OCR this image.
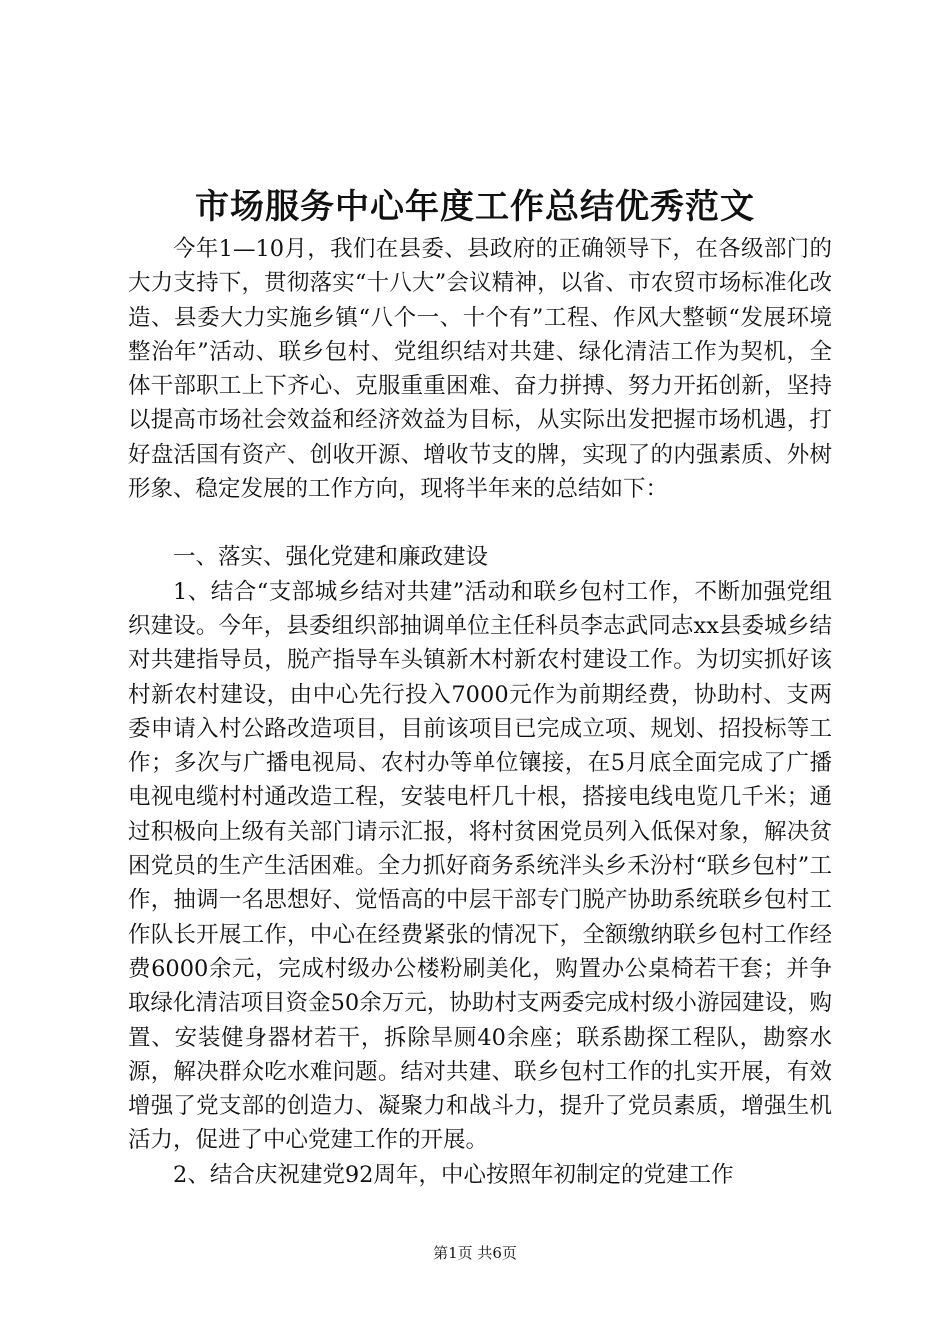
市场服务中心年度工作总结优秀范文

今年1—10月，我们在县委、县政府的正确领导下，在各级部门的大力支持下，贯彻落实“十八大”会议精神，以省、市农贸市场标准化改造、县委大力实施乡镇“八个一、十个有”工程、作风大整顿“发展环境整治年”活动、联乡包村、党组织结对共建、绿化清洁工作为契机，全体干部职工上下齐心、克服重重困难、奋力拼搏、努力开拓创新，坚持以提高市场社会效益和经济效益为目标，从实际出发把握市场机遇，打好盘活国有资产、创收开源、增收节支的牌，实现了的内强素质、外树形象、稳定发展的工作方向，现将半年来的总结如下：

一、落实、强化党建和廉政建设

1、结合“支部城乡结对共建”活动和联乡包村工作，不断加强党组织建设。今年，县委组织部抽调单位主任科员李志武同志xx县委城乡结对共建指导员，脱产指导车头镇新木村新农村建设工作。为切实抓好该村新农村建设，由中心先行投入7000元作为前期经费，协助村、支两委申请入村公路改造项目，目前该项目已完成立项、规划、招投标等工作；多次与广播电视局、农村办等单位镶接，在5月底全面完成了广播电视电缆村村通改造工程，安装电杆几十根，搭接电线电览几千米；通过积极向上级有关部门请示汇报，将村贫困党员列入低保对象，解决贫困党员的生产生活困难。全力抓好商务系统泮头乡禾汾村“联乡包村”工作，抽调一名思想好、觉悟高的中层干部专门脱产协助系统联乡包村工作队长开展工作，中心在经费紧张的情况下，全额缴纳联乡包村工作经费6000余元，完成村级办公楼粉刷美化，购置办公桌椅若干套；并争取绿化清洁项目资金50余万元，协助村支两委完成村级小游园建设，购置、安装健身器材若干，拆除旱厕40余座；联系勘探工程队，勘察水源，解决群众吃水难问题。结对共建、联乡包村工作的扎实开展，有效增强了党支部的创造力、凝聚力和战斗力，提升了党员素质，增强生机活力，促进了中心党建工作的开展。

2、结合庆祝建党92周年，中心按照年初制定的党建工作

第1页 共6页
